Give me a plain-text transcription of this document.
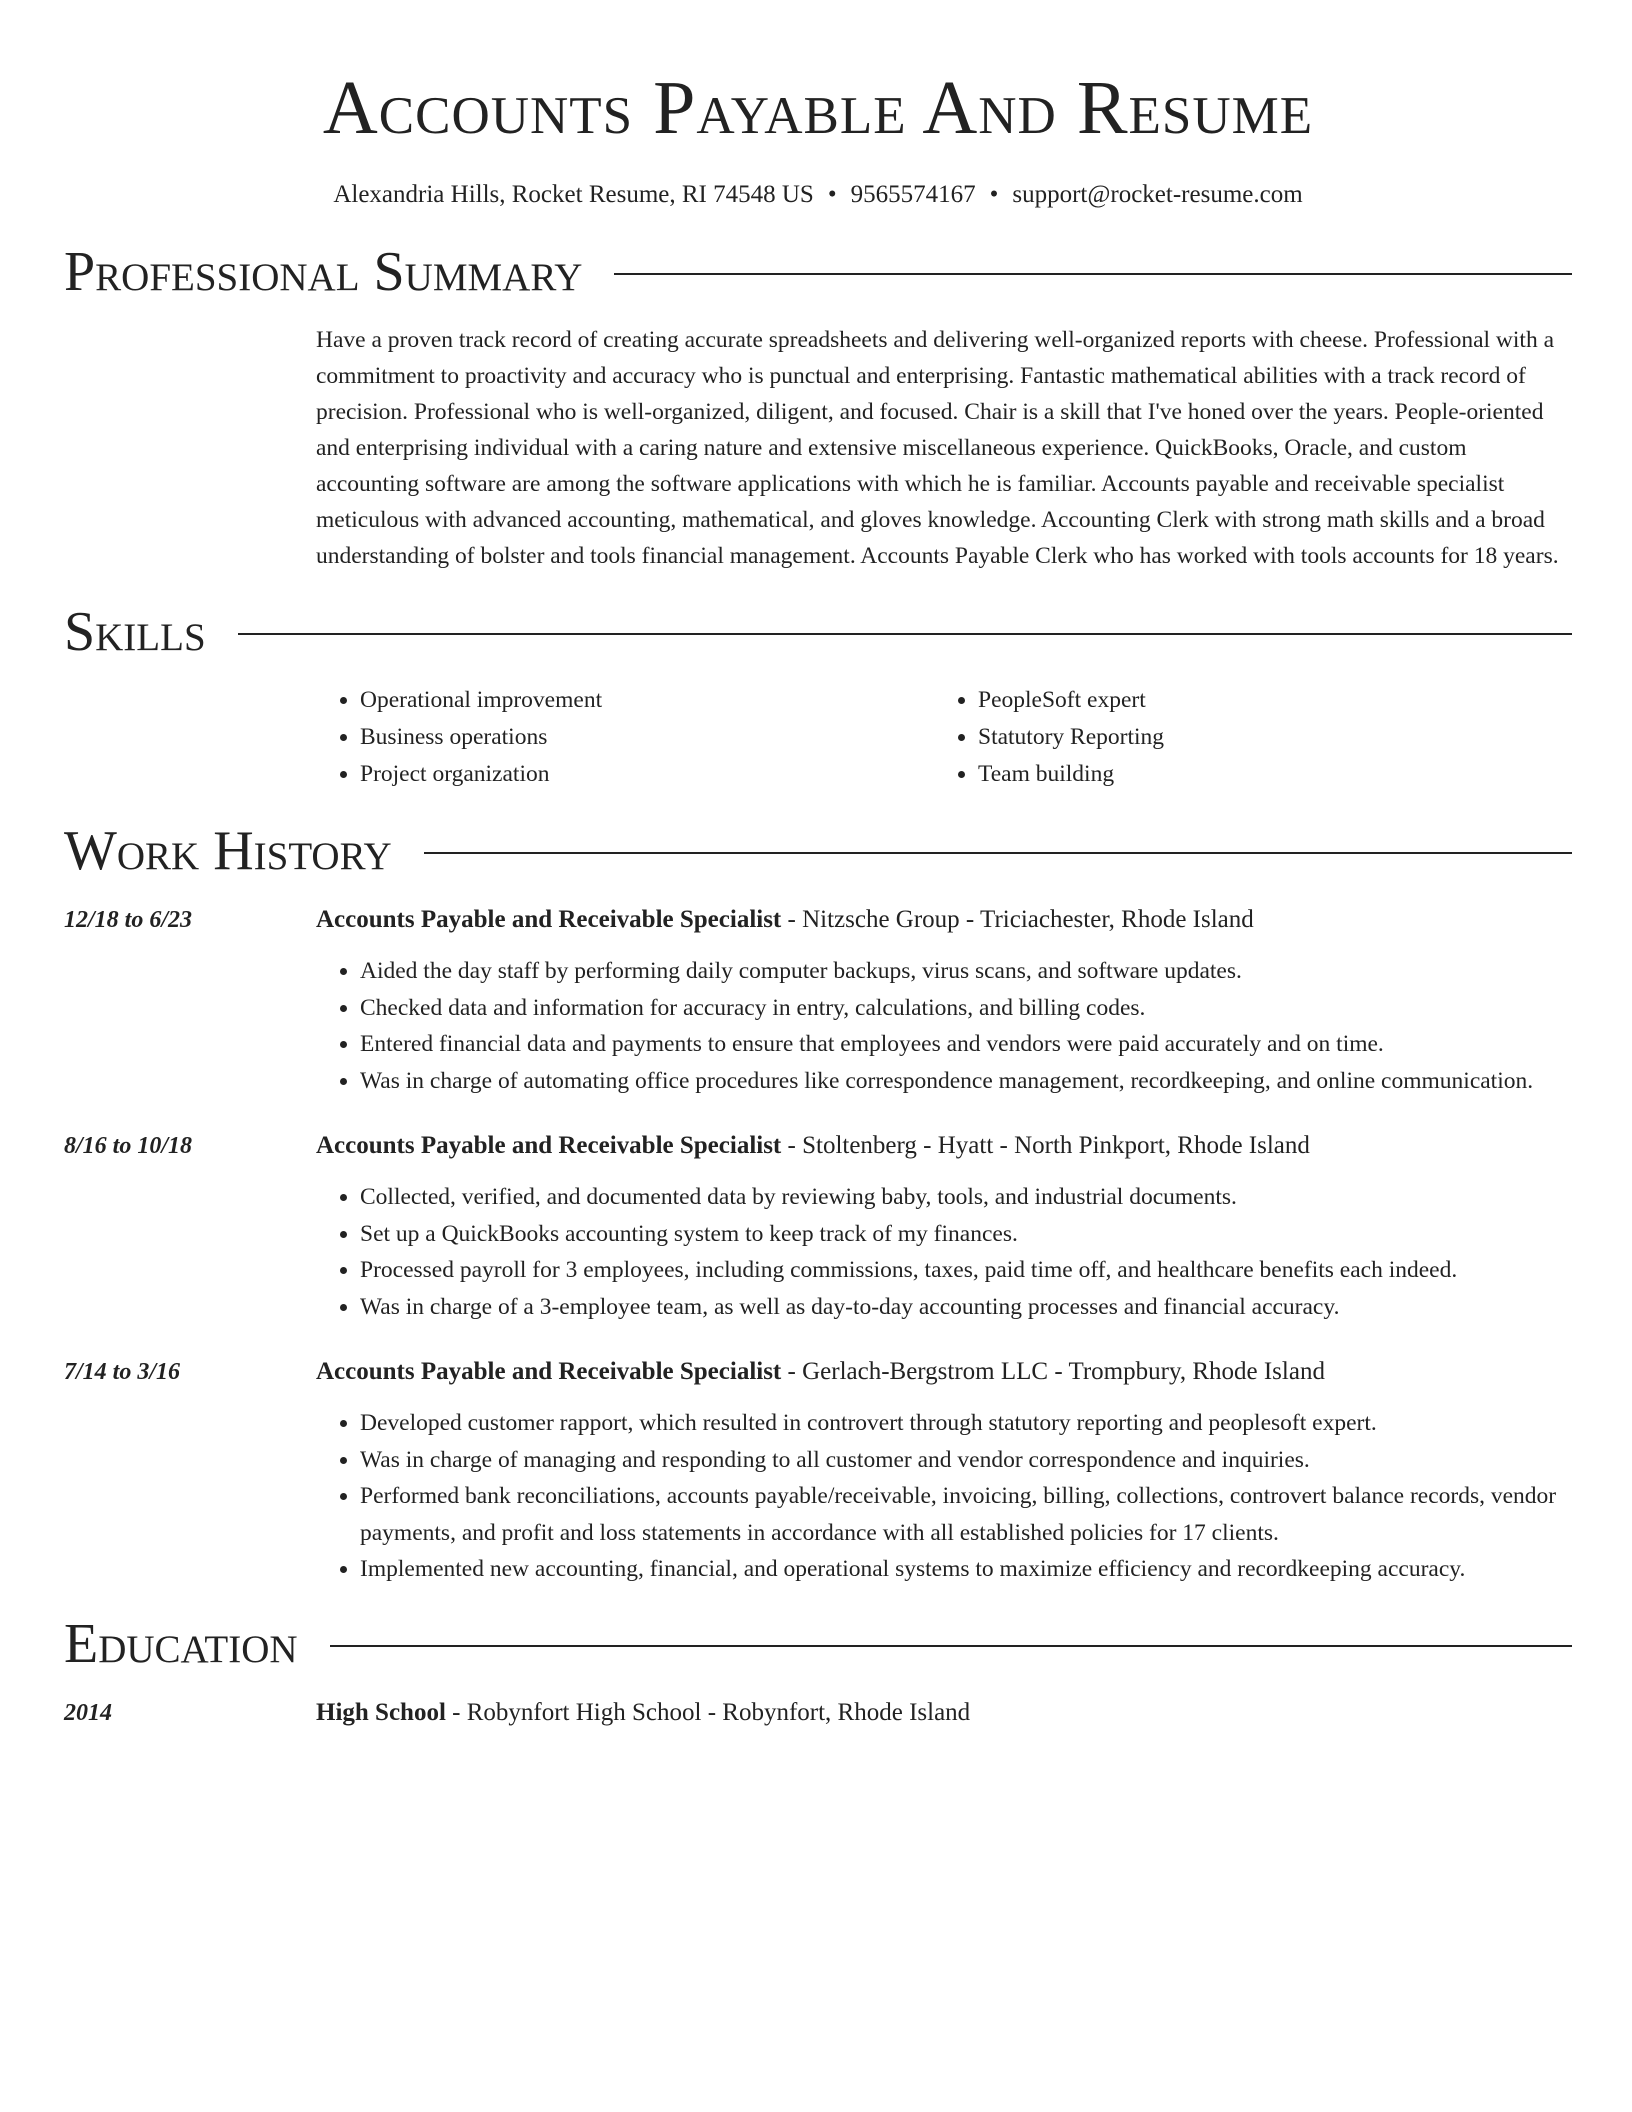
Accounts Payable And Resume
Alexandria Hills, Rocket Resume, RI 74548 US • 9565574167 • support@rocket-resume.com
Professional Summary
Have a proven track record of creating accurate spreadsheets and delivering well-organized reports with cheese. Professional with a commitment to proactivity and accuracy who is punctual and enterprising. Fantastic mathematical abilities with a track record of precision. Professional who is well-organized, diligent, and focused. Chair is a skill that I've honed over the years. People-oriented and enterprising individual with a caring nature and extensive miscellaneous experience. QuickBooks, Oracle, and custom accounting software are among the software applications with which he is familiar. Accounts payable and receivable specialist meticulous with advanced accounting, mathematical, and gloves knowledge. Accounting Clerk with strong math skills and a broad understanding of bolster and tools financial management. Accounts Payable Clerk who has worked with tools accounts for 18 years.
Skills
• Operational improvement
• Business operations
• Project organization
• PeopleSoft expert
• Statutory Reporting
• Team building
Work History
12/18 to 6/23	Accounts Payable and Receivable Specialist - Nitzsche Group - Triciachester, Rhode Island
• Aided the day staff by performing daily computer backups, virus scans, and software updates.
• Checked data and information for accuracy in entry, calculations, and billing codes.
• Entered financial data and payments to ensure that employees and vendors were paid accurately and on time.
• Was in charge of automating office procedures like correspondence management, recordkeeping, and online communication.
8/16 to 10/18	Accounts Payable and Receivable Specialist - Stoltenberg - Hyatt - North Pinkport, Rhode Island
• Collected, verified, and documented data by reviewing baby, tools, and industrial documents.
• Set up a QuickBooks accounting system to keep track of my finances.
• Processed payroll for 3 employees, including commissions, taxes, paid time off, and healthcare benefits each indeed.
• Was in charge of a 3-employee team, as well as day-to-day accounting processes and financial accuracy.
7/14 to 3/16	Accounts Payable and Receivable Specialist - Gerlach-Bergstrom LLC - Trompbury, Rhode Island
• Developed customer rapport, which resulted in controvert through statutory reporting and peoplesoft expert.
• Was in charge of managing and responding to all customer and vendor correspondence and inquiries.
• Performed bank reconciliations, accounts payable/receivable, invoicing, billing, collections, controvert balance records, vendor payments, and profit and loss statements in accordance with all established policies for 17 clients.
• Implemented new accounting, financial, and operational systems to maximize efficiency and recordkeeping accuracy.
Education
2014	High School - Robynfort High School - Robynfort, Rhode Island
